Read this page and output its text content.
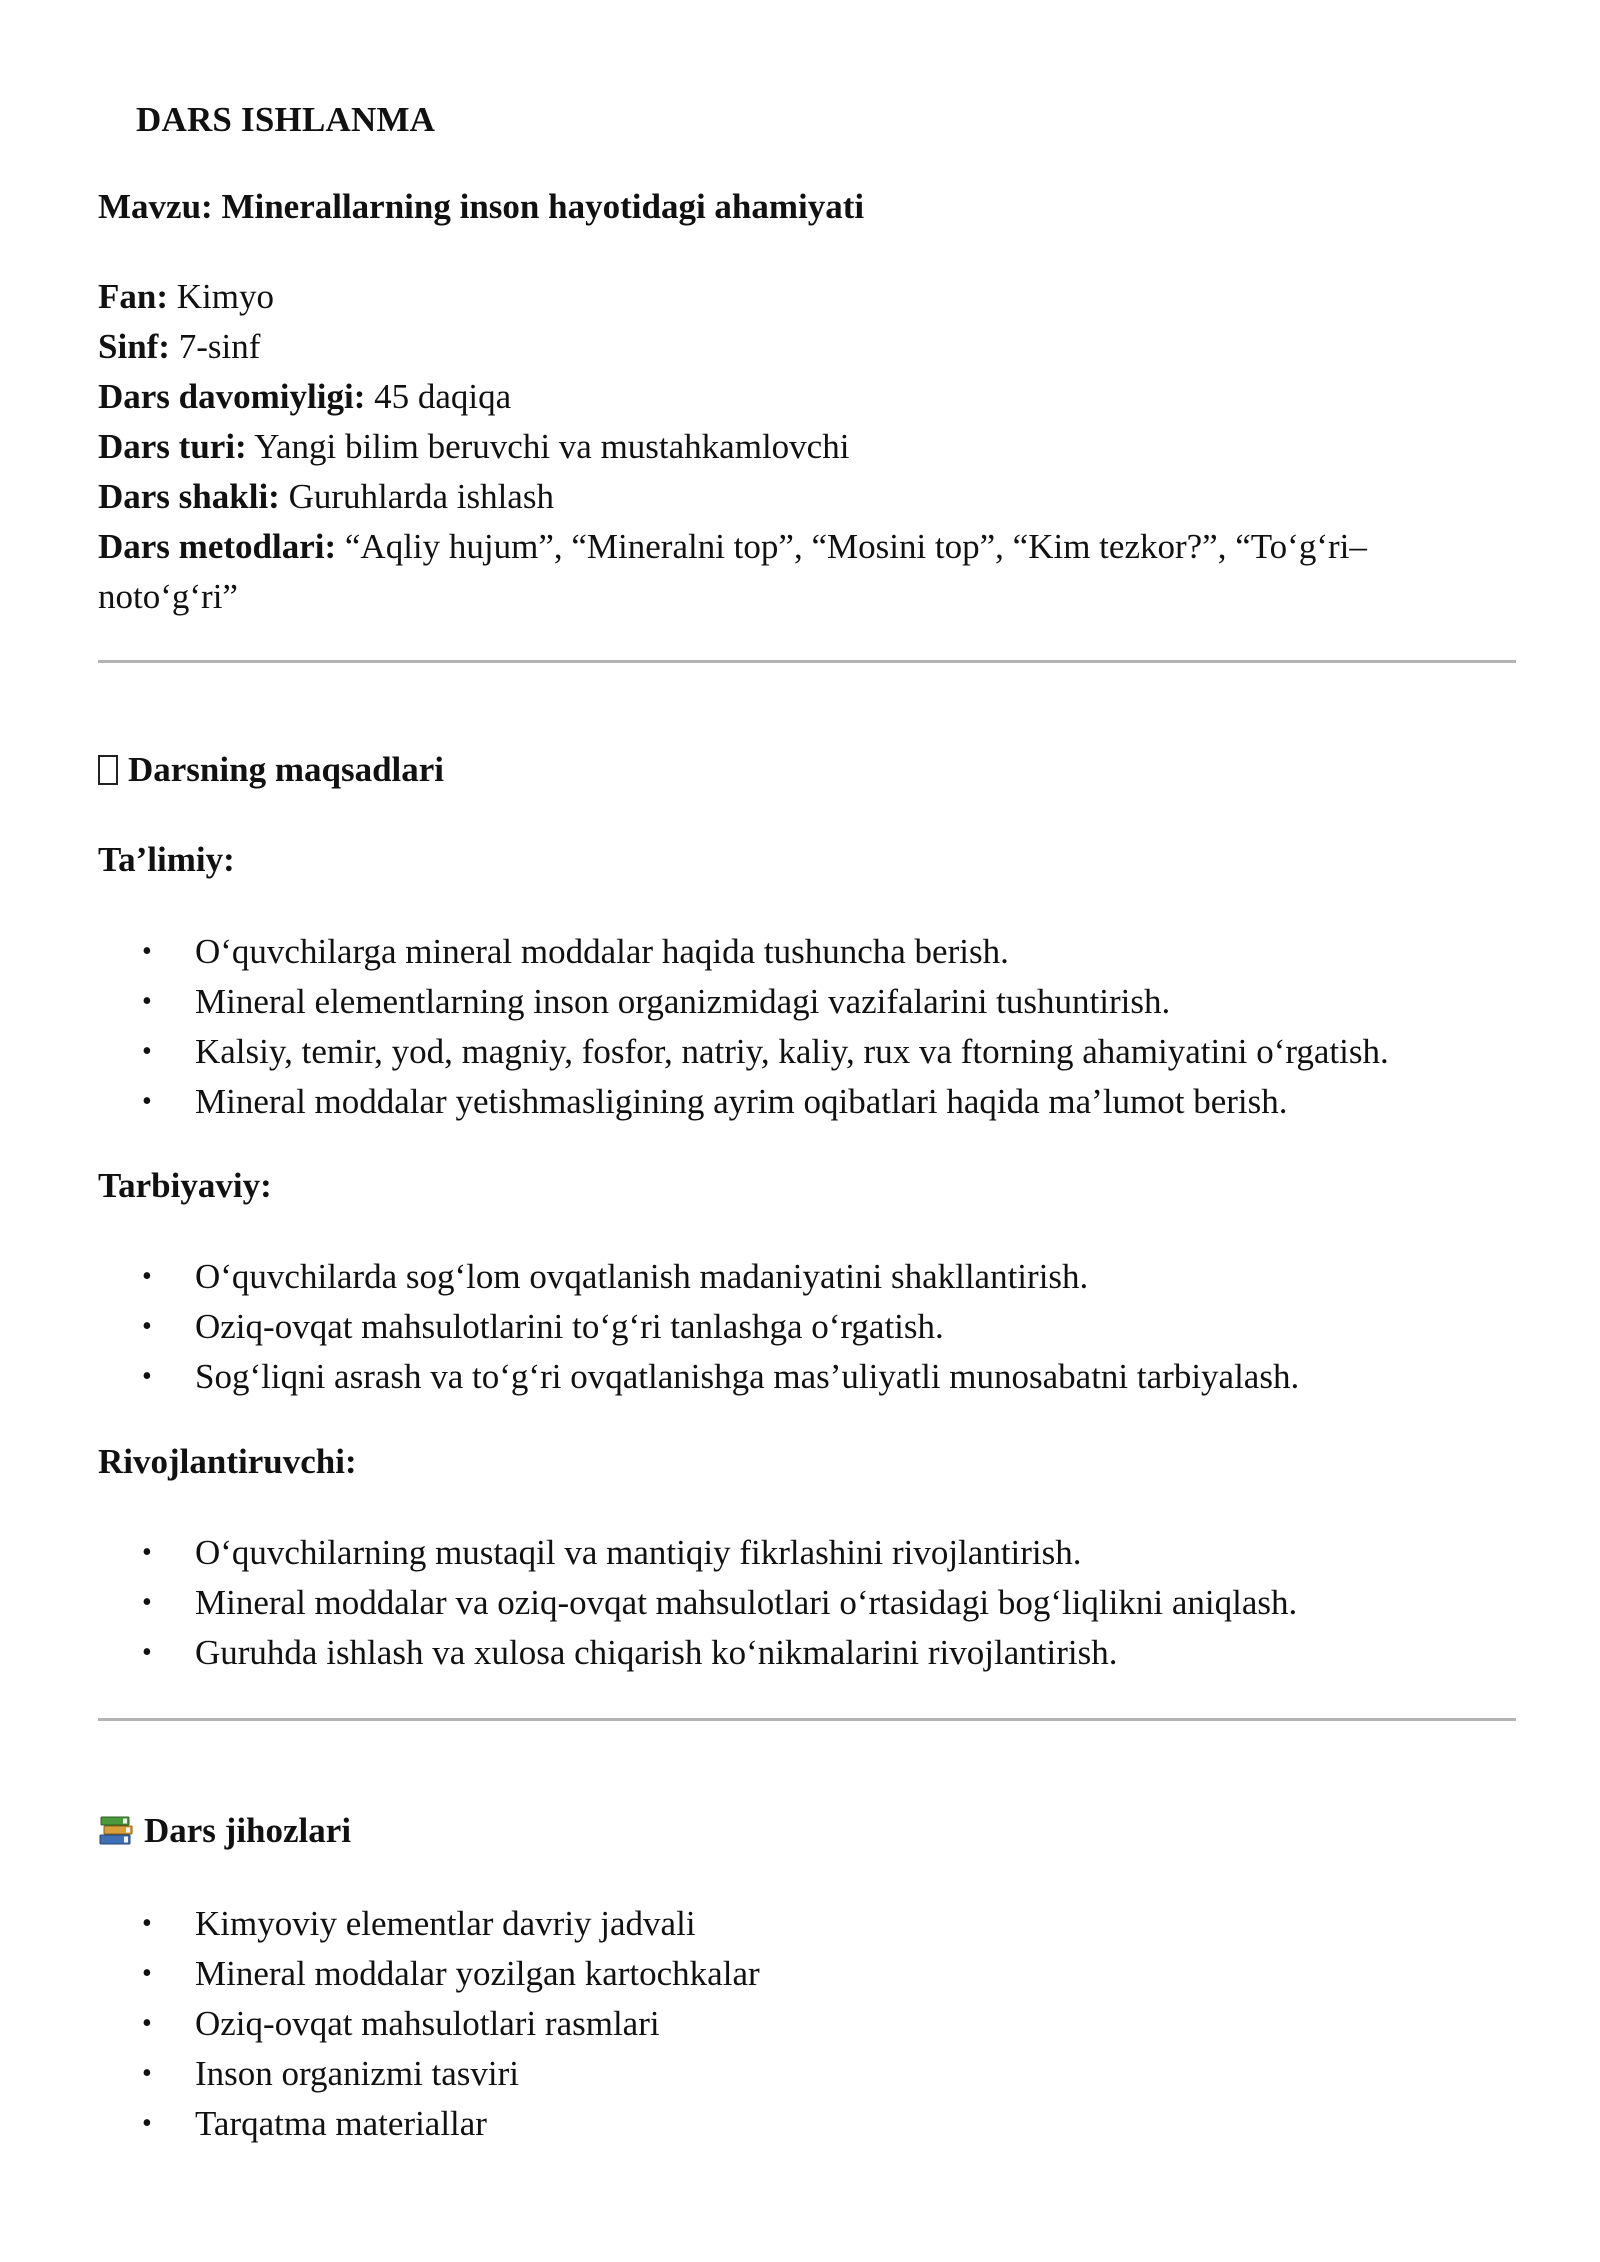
DARS ISHLANMA
Mavzu: Minerallarning inson hayotidagi ahamiyati

Fan: Kimyo

Sinf: 7-sinf

Dars davomiyligi: 45 daqiqa

Dars turi: Yangi bilim beruvchi va mustahkamlovchi

Dars shakli: Guruhlarda ishlash

Dars metodlari: “Aqliy hujum”, “Mineralni top”, “Mosini top”, “Kim tezkor?”, “To‘g‘ri–

noto‘g‘ri”

Darsning maqsadlari
Ta’limiy:
• O‘quvchilarga mineral moddalar haqida tushuncha berish.
• Mineral elementlarning inson organizmidagi vazifalarini tushuntirish.
• Kalsiy, temir, yod, magniy, fosfor, natriy, kaliy, rux va ftorning ahamiyatini o‘rgatish.
• Mineral moddalar yetishmasligining ayrim oqibatlari haqida ma’lumot berish.
Tarbiyaviy:
• O‘quvchilarda sog‘lom ovqatlanish madaniyatini shakllantirish.
• Oziq-ovqat mahsulotlarini to‘g‘ri tanlashga o‘rgatish.
• Sog‘liqni asrash va to‘g‘ri ovqatlanishga mas’uliyatli munosabatni tarbiyalash.
Rivojlantiruvchi:
• O‘quvchilarning mustaqil va mantiqiy fikrlashini rivojlantirish.
• Mineral moddalar va oziq-ovqat mahsulotlari o‘rtasidagi bog‘liqlikni aniqlash.
• Guruhda ishlash va xulosa chiqarish ko‘nikmalarini rivojlantirish.
Dars jihozlari
• Kimyoviy elementlar davriy jadvali
• Mineral moddalar yozilgan kartochkalar
• Oziq-ovqat mahsulotlari rasmlari
• Inson organizmi tasviri
• Tarqatma materiallar
